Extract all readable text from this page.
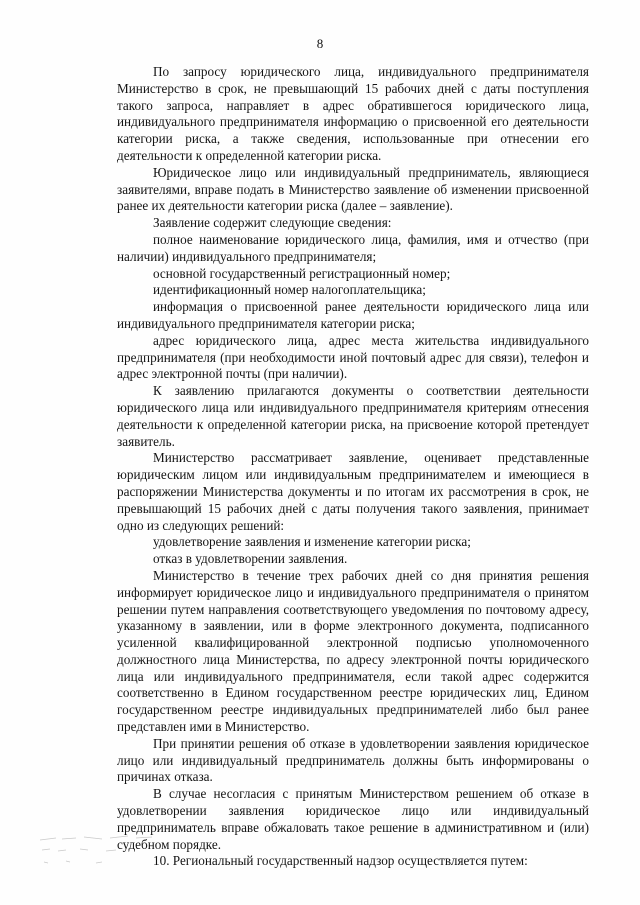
8

По запросу юридического лица, индивидуального предпринимателя Министерство в срок, не превышающий 15 рабочих дней с даты поступления такого запроса, направляет в адрес обратившегося юридического лица, индивидуального предпринимателя информацию о присвоенной его деятельности категории риска, а также сведения, использованные при отнесении его деятельности к определенной категории риска.

Юридическое лицо или индивидуальный предприниматель, являющиеся заявителями, вправе подать в Министерство заявление об изменении присвоенной ранее их деятельности категории риска (далее – заявление).

Заявление содержит следующие сведения:

полное наименование юридического лица, фамилия, имя и отчество (при наличии) индивидуального предпринимателя;

основной государственный регистрационный номер;

идентификационный номер налогоплательщика;

информация о присвоенной ранее деятельности юридического лица или индивидуального предпринимателя категории риска;

адрес юридического лица, адрес места жительства индивидуального предпринимателя (при необходимости иной почтовый адрес для связи), телефон и адрес электронной почты (при наличии).

К заявлению прилагаются документы о соответствии деятельности юридического лица или индивидуального предпринимателя критериям отнесения деятельности к определенной категории риска, на присвоение которой претендует заявитель.

Министерство рассматривает заявление, оценивает представленные юридическим лицом или индивидуальным предпринимателем и имеющиеся в распоряжении Министерства документы и по итогам их рассмотрения в срок, не превышающий 15 рабочих дней с даты получения такого заявления, принимает одно из следующих решений:

удовлетворение заявления и изменение категории риска;

отказ в удовлетворении заявления.

Министерство в течение трех рабочих дней со дня принятия решения информирует юридическое лицо и индивидуального предпринимателя о принятом решении путем направления соответствующего уведомления по почтовому адресу, указанному в заявлении, или в форме электронного документа, подписанного усиленной квалифицированной электронной подписью уполномоченного должностного лица Министерства, по адресу электронной почты юридического лица или индивидуального предпринимателя, если такой адрес содержится соответственно в Едином государственном реестре юридических лиц, Едином государственном реестре индивидуальных предпринимателей либо был ранее представлен ими в Министерство.

При принятии решения об отказе в удовлетворении заявления юридическое лицо или индивидуальный предприниматель должны быть информированы о причинах отказа.

В случае несогласия с принятым Министерством решением об отказе в удовлетворении заявления юридическое лицо или индивидуальный предприниматель вправе обжаловать такое решение в административном и (или) судебном порядке.

10. Региональный государственный надзор осуществляется путем:
